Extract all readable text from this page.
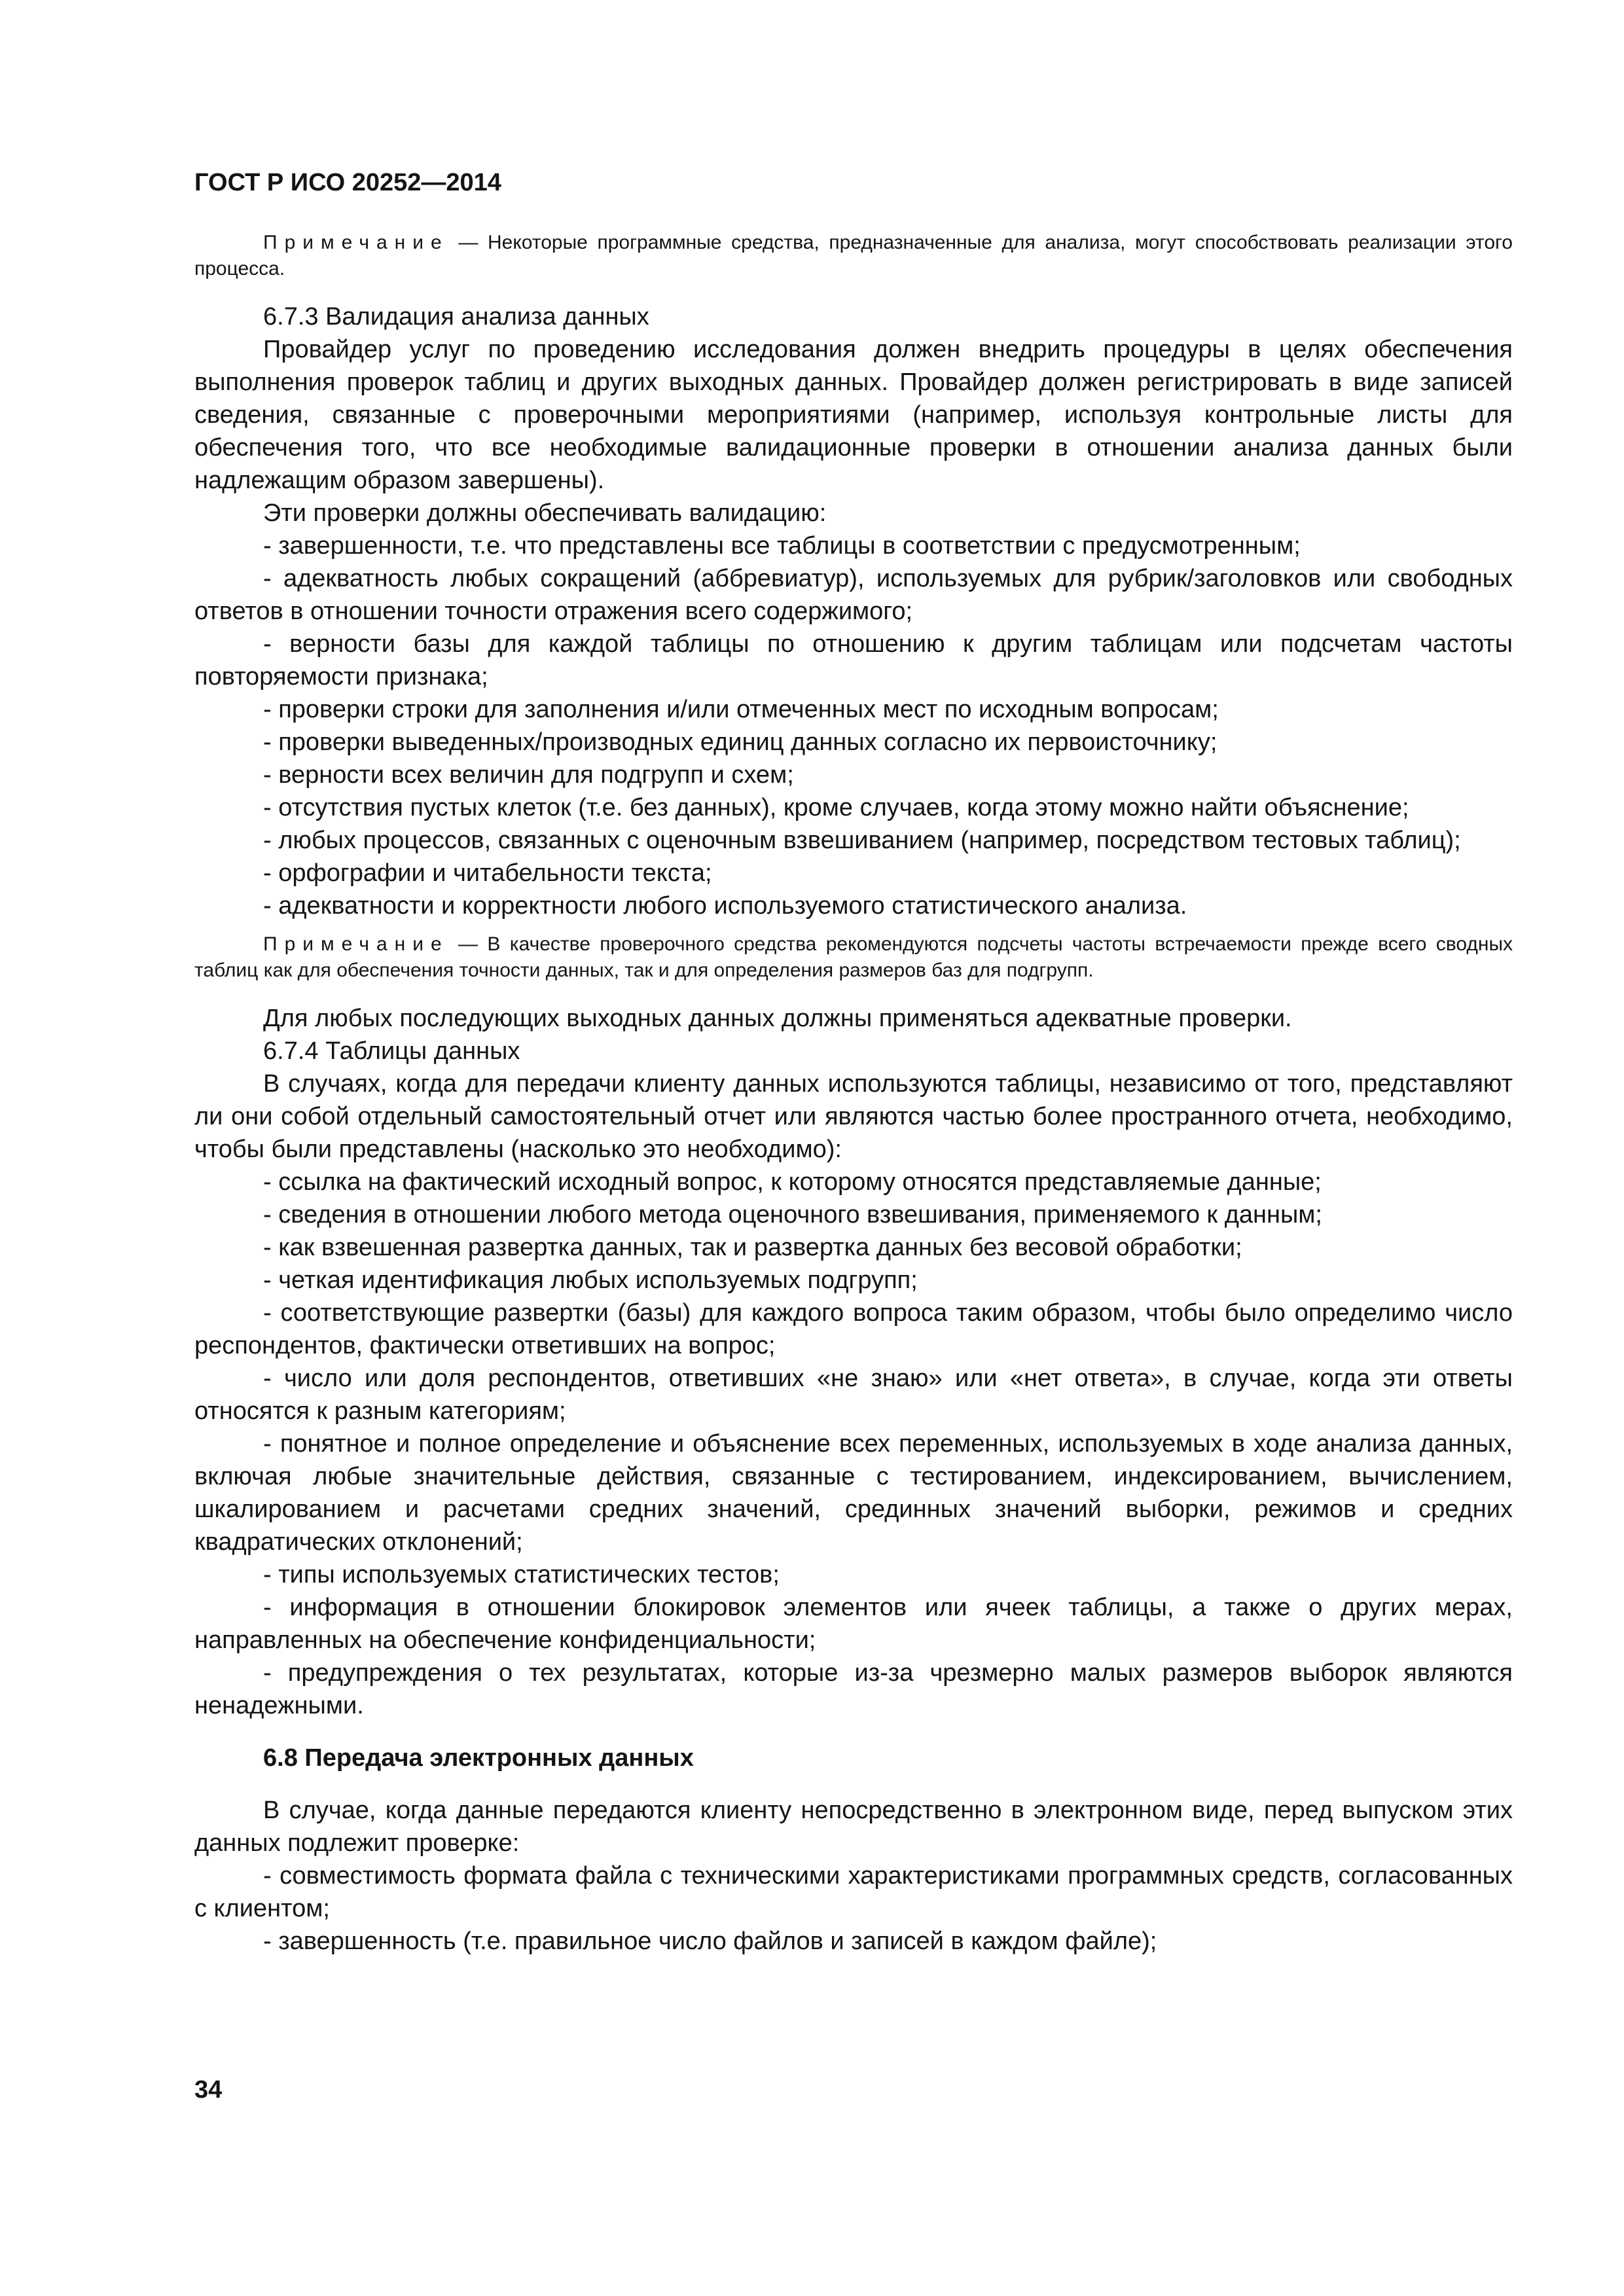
ГОСТ Р ИСО 20252—2014

Примечание — Некоторые программные средства, предназначенные для анализа, могут способствовать реализации этого процесса.

6.7.3 Валидация анализа данных

Провайдер услуг по проведению исследования должен внедрить процедуры в целях обеспечения выполнения проверок таблиц и других выходных данных. Провайдер должен регистрировать в виде записей сведения, связанные с проверочными мероприятиями (например, используя контрольные листы для обеспечения того, что все необходимые валидационные проверки в отношении анализа данных были надлежащим образом завершены).

Эти проверки должны обеспечивать валидацию:

- завершенности, т.е. что представлены все таблицы в соответствии с предусмотренным;

- адекватность любых сокращений (аббревиатур), используемых для рубрик/заголовков или свободных ответов в отношении точности отражения всего содержимого;

- верности базы для каждой таблицы по отношению к другим таблицам или подсчетам частоты повторяемости признака;

- проверки строки для заполнения и/или отмеченных мест по исходным вопросам;

- проверки выведенных/производных единиц данных согласно их первоисточнику;

- верности всех величин для подгрупп и схем;

- отсутствия пустых клеток (т.е. без данных), кроме случаев, когда этому можно найти объяснение;

- любых процессов, связанных с оценочным взвешиванием (например, посредством тестовых таблиц);

- орфографии и читабельности текста;

- адекватности и корректности любого используемого статистического анализа.

Примечание — В качестве проверочного средства рекомендуются подсчеты частоты встречаемости прежде всего сводных таблиц как для обеспечения точности данных, так и для определения размеров баз для подгрупп.

Для любых последующих выходных данных должны применяться адекватные проверки.

6.7.4 Таблицы данных

В случаях, когда для передачи клиенту данных используются таблицы, независимо от того, представляют ли они собой отдельный самостоятельный отчет или являются частью более пространного отчета, необходимо, чтобы были представлены (насколько это необходимо):

- ссылка на фактический исходный вопрос, к которому относятся представляемые данные;

- сведения в отношении любого метода оценочного взвешивания, применяемого к данным;

- как взвешенная развертка данных, так и развертка данных без весовой обработки;

- четкая идентификация любых используемых подгрупп;

- соответствующие развертки (базы) для каждого вопроса таким образом, чтобы было определимо число респондентов, фактически ответивших на вопрос;

- число или доля респондентов, ответивших «не знаю» или «нет ответа», в случае, когда эти ответы относятся к разным категориям;

- понятное и полное определение и объяснение всех переменных, используемых в ходе анализа данных, включая любые значительные действия, связанные с тестированием, индексированием, вычислением, шкалированием и расчетами средних значений, срединных значений выборки, режимов и средних квадратических отклонений;

- типы используемых статистических тестов;

- информация в отношении блокировок элементов или ячеек таблицы, а также о других мерах, направленных на обеспечение конфиденциальности;

- предупреждения о тех результатах, которые из-за чрезмерно малых размеров выборок являются ненадежными.

6.8 Передача электронных данных

В случае, когда данные передаются клиенту непосредственно в электронном виде, перед выпуском этих данных подлежит проверке:

- совместимость формата файла с техническими характеристиками программных средств, согласованных с клиентом;

- завершенность (т.е. правильное число файлов и записей в каждом файле);

34
